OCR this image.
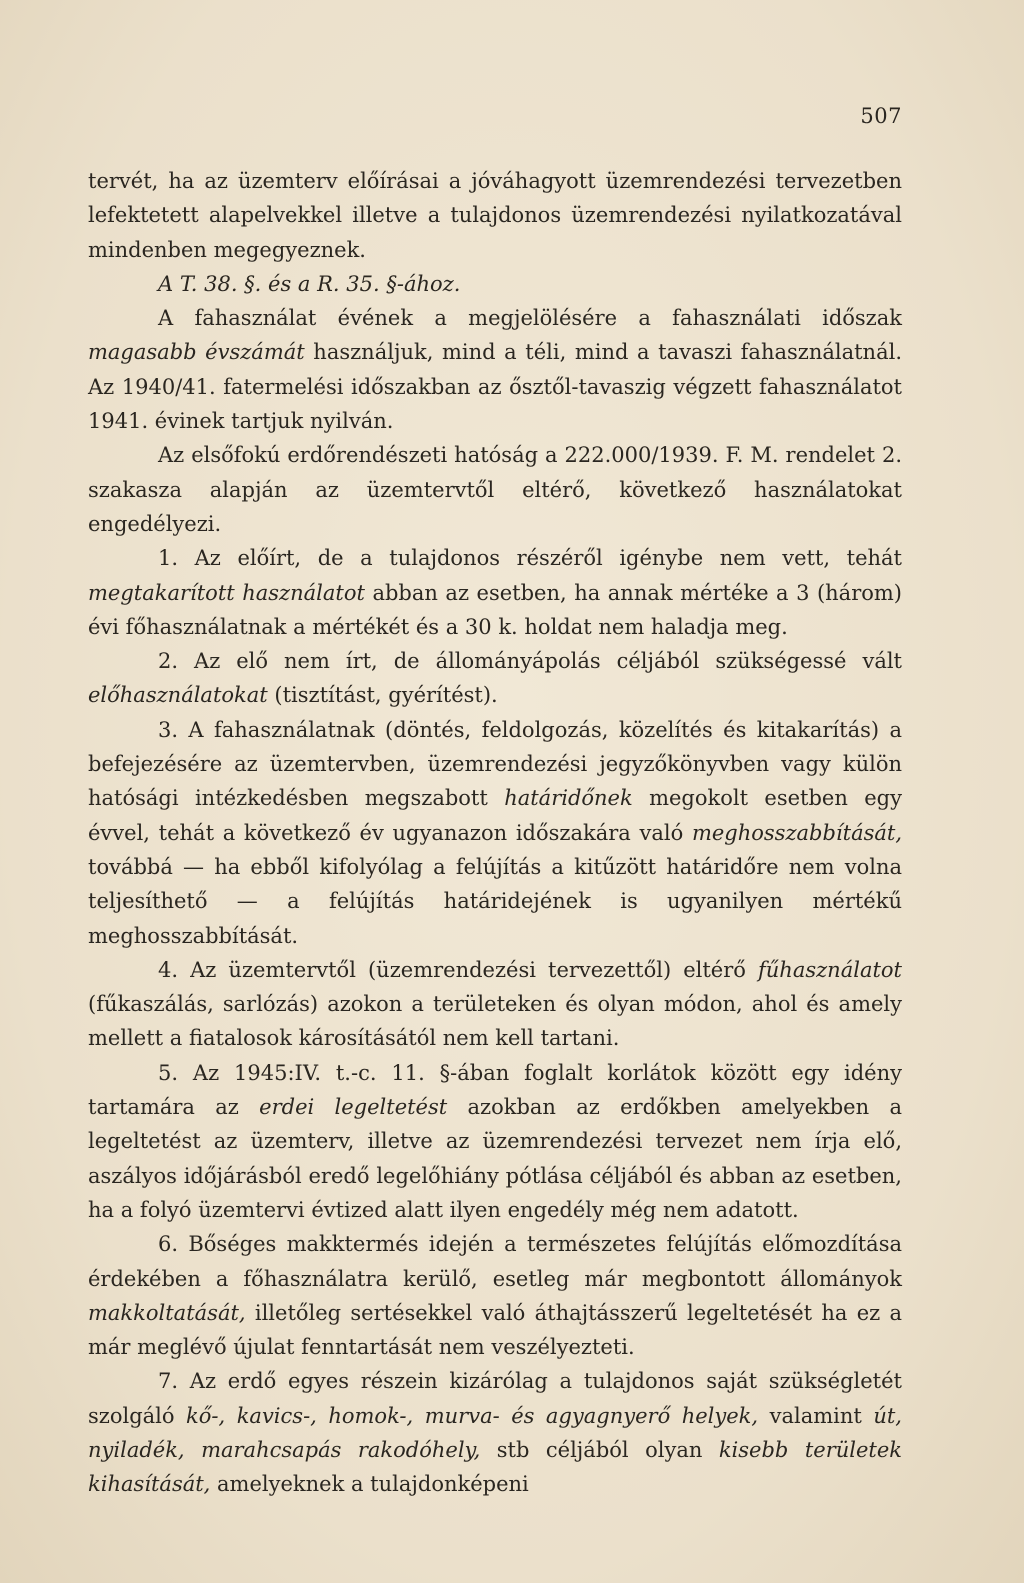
507

tervét, ha az üzemterv előírásai a jóváhagyott üzemrendezési tervezetben lefektetett alapelvekkel illetve a tulajdonos üzemrendezési nyilatkozatával mindenben megegyeznek.

A T. 38. §. és a R. 35. §-ához.

A fahasználat évének a megjelölésére a fahasználati időszak magasabb évszámát használjuk, mind a téli, mind a tavaszi fahasználatnál. Az 1940/41. fatermelési időszakban az ősztől-tavaszig végzett fahasználatot 1941. évinek tartjuk nyilván.

Az elsőfokú erdőrendészeti hatóság a 222.000/1939. F. M. rendelet 2. szakasza alapján az üzemtervtől eltérő, következő használatokat engedélyezi.

1. Az előírt, de a tulajdonos részéről igénybe nem vett, tehát megtakarított használatot abban az esetben, ha annak mértéke a 3 (három) évi főhasználatnak a mértékét és a 30 k. holdat nem haladja meg.

2. Az elő nem írt, de állományápolás céljából szükségessé vált előhasználatokat (tisztítást, gyérítést).

3. A fahasználatnak (döntés, feldolgozás, közelítés és kitakarítás) a befejezésére az üzemtervben, üzemrendezési jegyzőkönyvben vagy külön hatósági intézkedésben megszabott határidőnek megokolt esetben egy évvel, tehát a következő év ugyanazon időszakára való meghosszabbítását, továbbá — ha ebből kifolyólag a felújítás a kitűzött határidőre nem volna teljesíthető — a felújítás határidejének is ugyanilyen mértékű meghosszabbítását.

4. Az üzemtervtől (üzemrendezési tervezettől) eltérő fűhasználatot (fűkaszálás, sarlózás) azokon a területeken és olyan módon, ahol és amely mellett a fiatalosok károsításától nem kell tartani.

5. Az 1945:IV. t.-c. 11. §-ában foglalt korlátok között egy idény tartamára az erdei legeltetést azokban az erdőkben amelyekben a legeltetést az üzemterv, illetve az üzemrendezési tervezet nem írja elő, aszályos időjárásból eredő legelőhiány pótlása céljából és abban az esetben, ha a folyó üzemtervi évtized alatt ilyen engedély még nem adatott.

6. Bőséges makktermés idején a természetes felújítás előmozdítása érdekében a főhasználatra kerülő, esetleg már megbontott állományok makkoltatását, illetőleg sertésekkel való áthajtásszerű legeltetését ha ez a már meglévő újulat fenntartását nem veszélyezteti.

7. Az erdő egyes részein kizárólag a tulajdonos saját szükségletét szolgáló kő-, kavics-, homok-, murva- és agyagnyerő helyek, valamint út, nyiladék, marahcsapás rakodóhely, stb céljából olyan kisebb területek kihasítását, amelyeknek a tulajdonképeni
